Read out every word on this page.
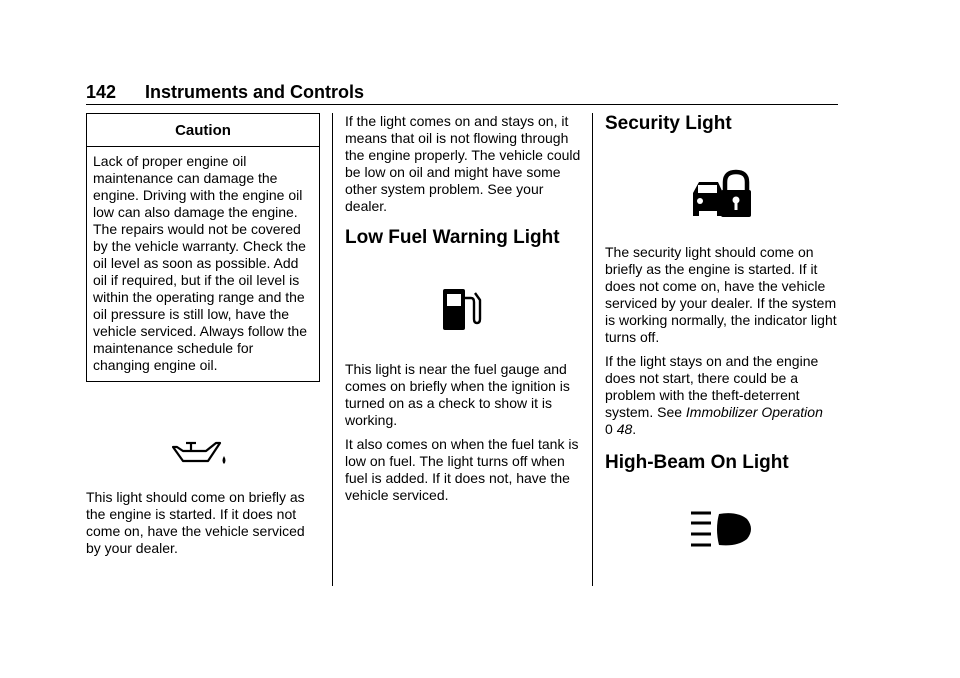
142 Instruments and Controls
Caution

Lack of proper engine oil maintenance can damage the engine. Driving with the engine oil low can also damage the engine. The repairs would not be covered by the vehicle warranty. Check the oil level as soon as possible. Add oil if required, but if the oil level is within the operating range and the oil pressure is still low, have the vehicle serviced. Always follow the maintenance schedule for changing engine oil.

This light should come on briefly as the engine is started. If it does not come on, have the vehicle serviced by your dealer.

If the light comes on and stays on, it means that oil is not flowing through the engine properly. The vehicle could be low on oil and might have some other system problem. See your dealer.

Low Fuel Warning Light

This light is near the fuel gauge and comes on briefly when the ignition is turned on as a check to show it is working.

It also comes on when the fuel tank is low on fuel. The light turns off when fuel is added. If it does not, have the vehicle serviced.

Security Light

The security light should come on briefly as the engine is started. If it does not come on, have the vehicle serviced by your dealer. If the system is working normally, the indicator light turns off.

If the light stays on and the engine does not start, there could be a problem with the theft-deterrent system. See Immobilizer Operation
0 48.

High-Beam On Light
